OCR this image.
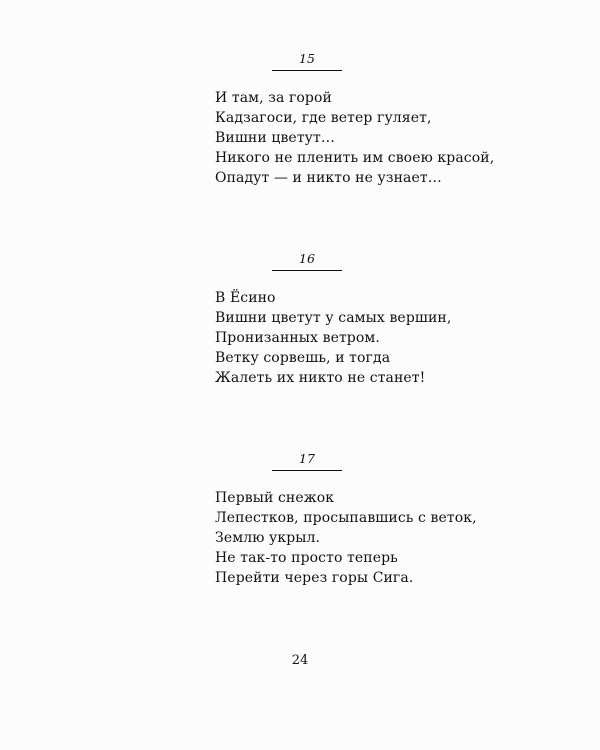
15
И там, за горой
Кадзагоси, где ветер гуляет,
Вишни цветут…
Никого не пленить им своею красой,
Опадут — и никто не узнает…
16
В Ёсино
Вишни цветут у самых вершин,
Пронизанных ветром.
Ветку сорвешь, и тогда
Жалеть их никто не станет!
17
Первый снежок
Лепестков, просыпавшись с веток,
Землю укрыл.
Не так-то просто теперь
Перейти через горы Сига.
24
